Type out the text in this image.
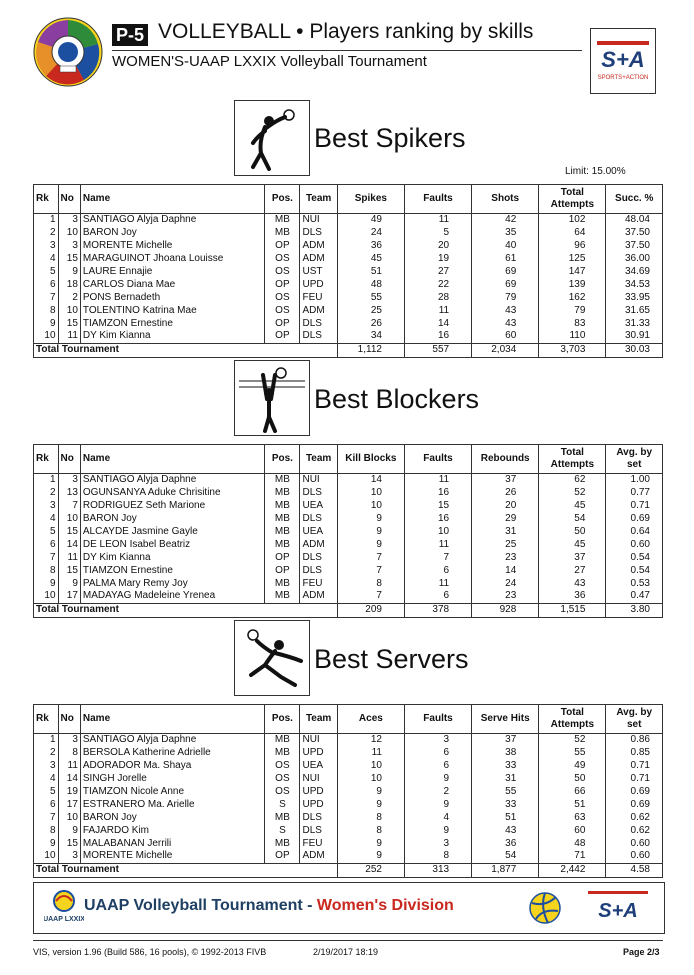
P-5 VOLLEYBALL • Players ranking by skills
WOMEN'S-UAAP LXXIX Volleyball Tournament	S+A
SPORTS+ACTION
Best Spikers
Limit: 15.00%
Rk	No	Name	Pos.	Team	Spikes	Faults	Shots	Total Attempts	Succ. %
1	3	SANTIAGO Alyja Daphne	MB	NUI	49	11	42	102	48.04
2	10	BARON Joy	MB	DLS	24	5	35	64	37.50
3	3	MORENTE Michelle	OP	ADM	36	20	40	96	37.50
4	15	MARAGUINOT Jhoana Louisse	OS	ADM	45	19	61	125	36.00
5	9	LAURE Ennajie	OS	UST	51	27	69	147	34.69
6	18	CARLOS Diana Mae	OP	UPD	48	22	69	139	34.53
7	2	PONS Bernadeth	OS	FEU	55	28	79	162	33.95
8	10	TOLENTINO Katrina Mae	OS	ADM	25	11	43	79	31.65
9	15	TIAMZON Ernestine	OP	DLS	26	14	43	83	31.33
10	11	DY Kim Kianna	OP	DLS	34	16	60	110	30.91
Total Tournament					1,112	557	2,034	3,703	30.03
Best Blockers
Rk	No	Name	Pos.	Team	Kill Blocks	Faults	Rebounds	Total Attempts	Avg. by set
1	3	SANTIAGO Alyja Daphne	MB	NUI	14	11	37	62	1.00
2	13	OGUNSANYA Aduke Chrisitine	MB	DLS	10	16	26	52	0.77
3	7	RODRIGUEZ Seth Marione	MB	UEA	10	15	20	45	0.71
4	10	BARON Joy	MB	DLS	9	16	29	54	0.69
5	15	ALCAYDE Jasmine Gayle	MB	UEA	9	10	31	50	0.64
6	14	DE LEON Isabel Beatriz	MB	ADM	9	11	25	45	0.60
7	11	DY Kim Kianna	OP	DLS	7	7	23	37	0.54
8	15	TIAMZON Ernestine	OP	DLS	7	6	14	27	0.54
9	9	PALMA Mary Remy Joy	MB	FEU	8	11	24	43	0.53
10	17	MADAYAG Madeleine Yrenea	MB	ADM	7	6	23	36	0.47
Total Tournament					209	378	928	1,515	3.80
Best Servers
Rk	No	Name	Pos.	Team	Aces	Faults	Serve Hits	Total Attempts	Avg. by set
1	3	SANTIAGO Alyja Daphne	MB	NUI	12	3	37	52	0.86
2	8	BERSOLA Katherine Adrielle	MB	UPD	11	6	38	55	0.85
3	11	ADORADOR Ma. Shaya	OS	UEA	10	6	33	49	0.71
4	14	SINGH Jorelle	OS	NUI	10	9	31	50	0.71
5	19	TIAMZON Nicole Anne	OS	UPD	9	2	55	66	0.69
6	17	ESTRANERO Ma. Arielle	S	UPD	9	9	33	51	0.69
7	10	BARON Joy	MB	DLS	8	4	51	63	0.62
8	9	FAJARDO Kim	S	DLS	8	9	43	60	0.62
9	15	MALABANAN Jerrili	MB	FEU	9	3	36	48	0.60
10	3	MORENTE Michelle	OP	ADM	9	8	54	71	0.60
Total Tournament					252	313	1,877	2,442	4.58
UAAP LXXIX
UAAP Volleyball Tournament - Women's Division	S+A
VIS, version 1.96 (Build 586, 16 pools), © 1992-2013 FIVB	2/19/2017 18:19	Page 2/3
